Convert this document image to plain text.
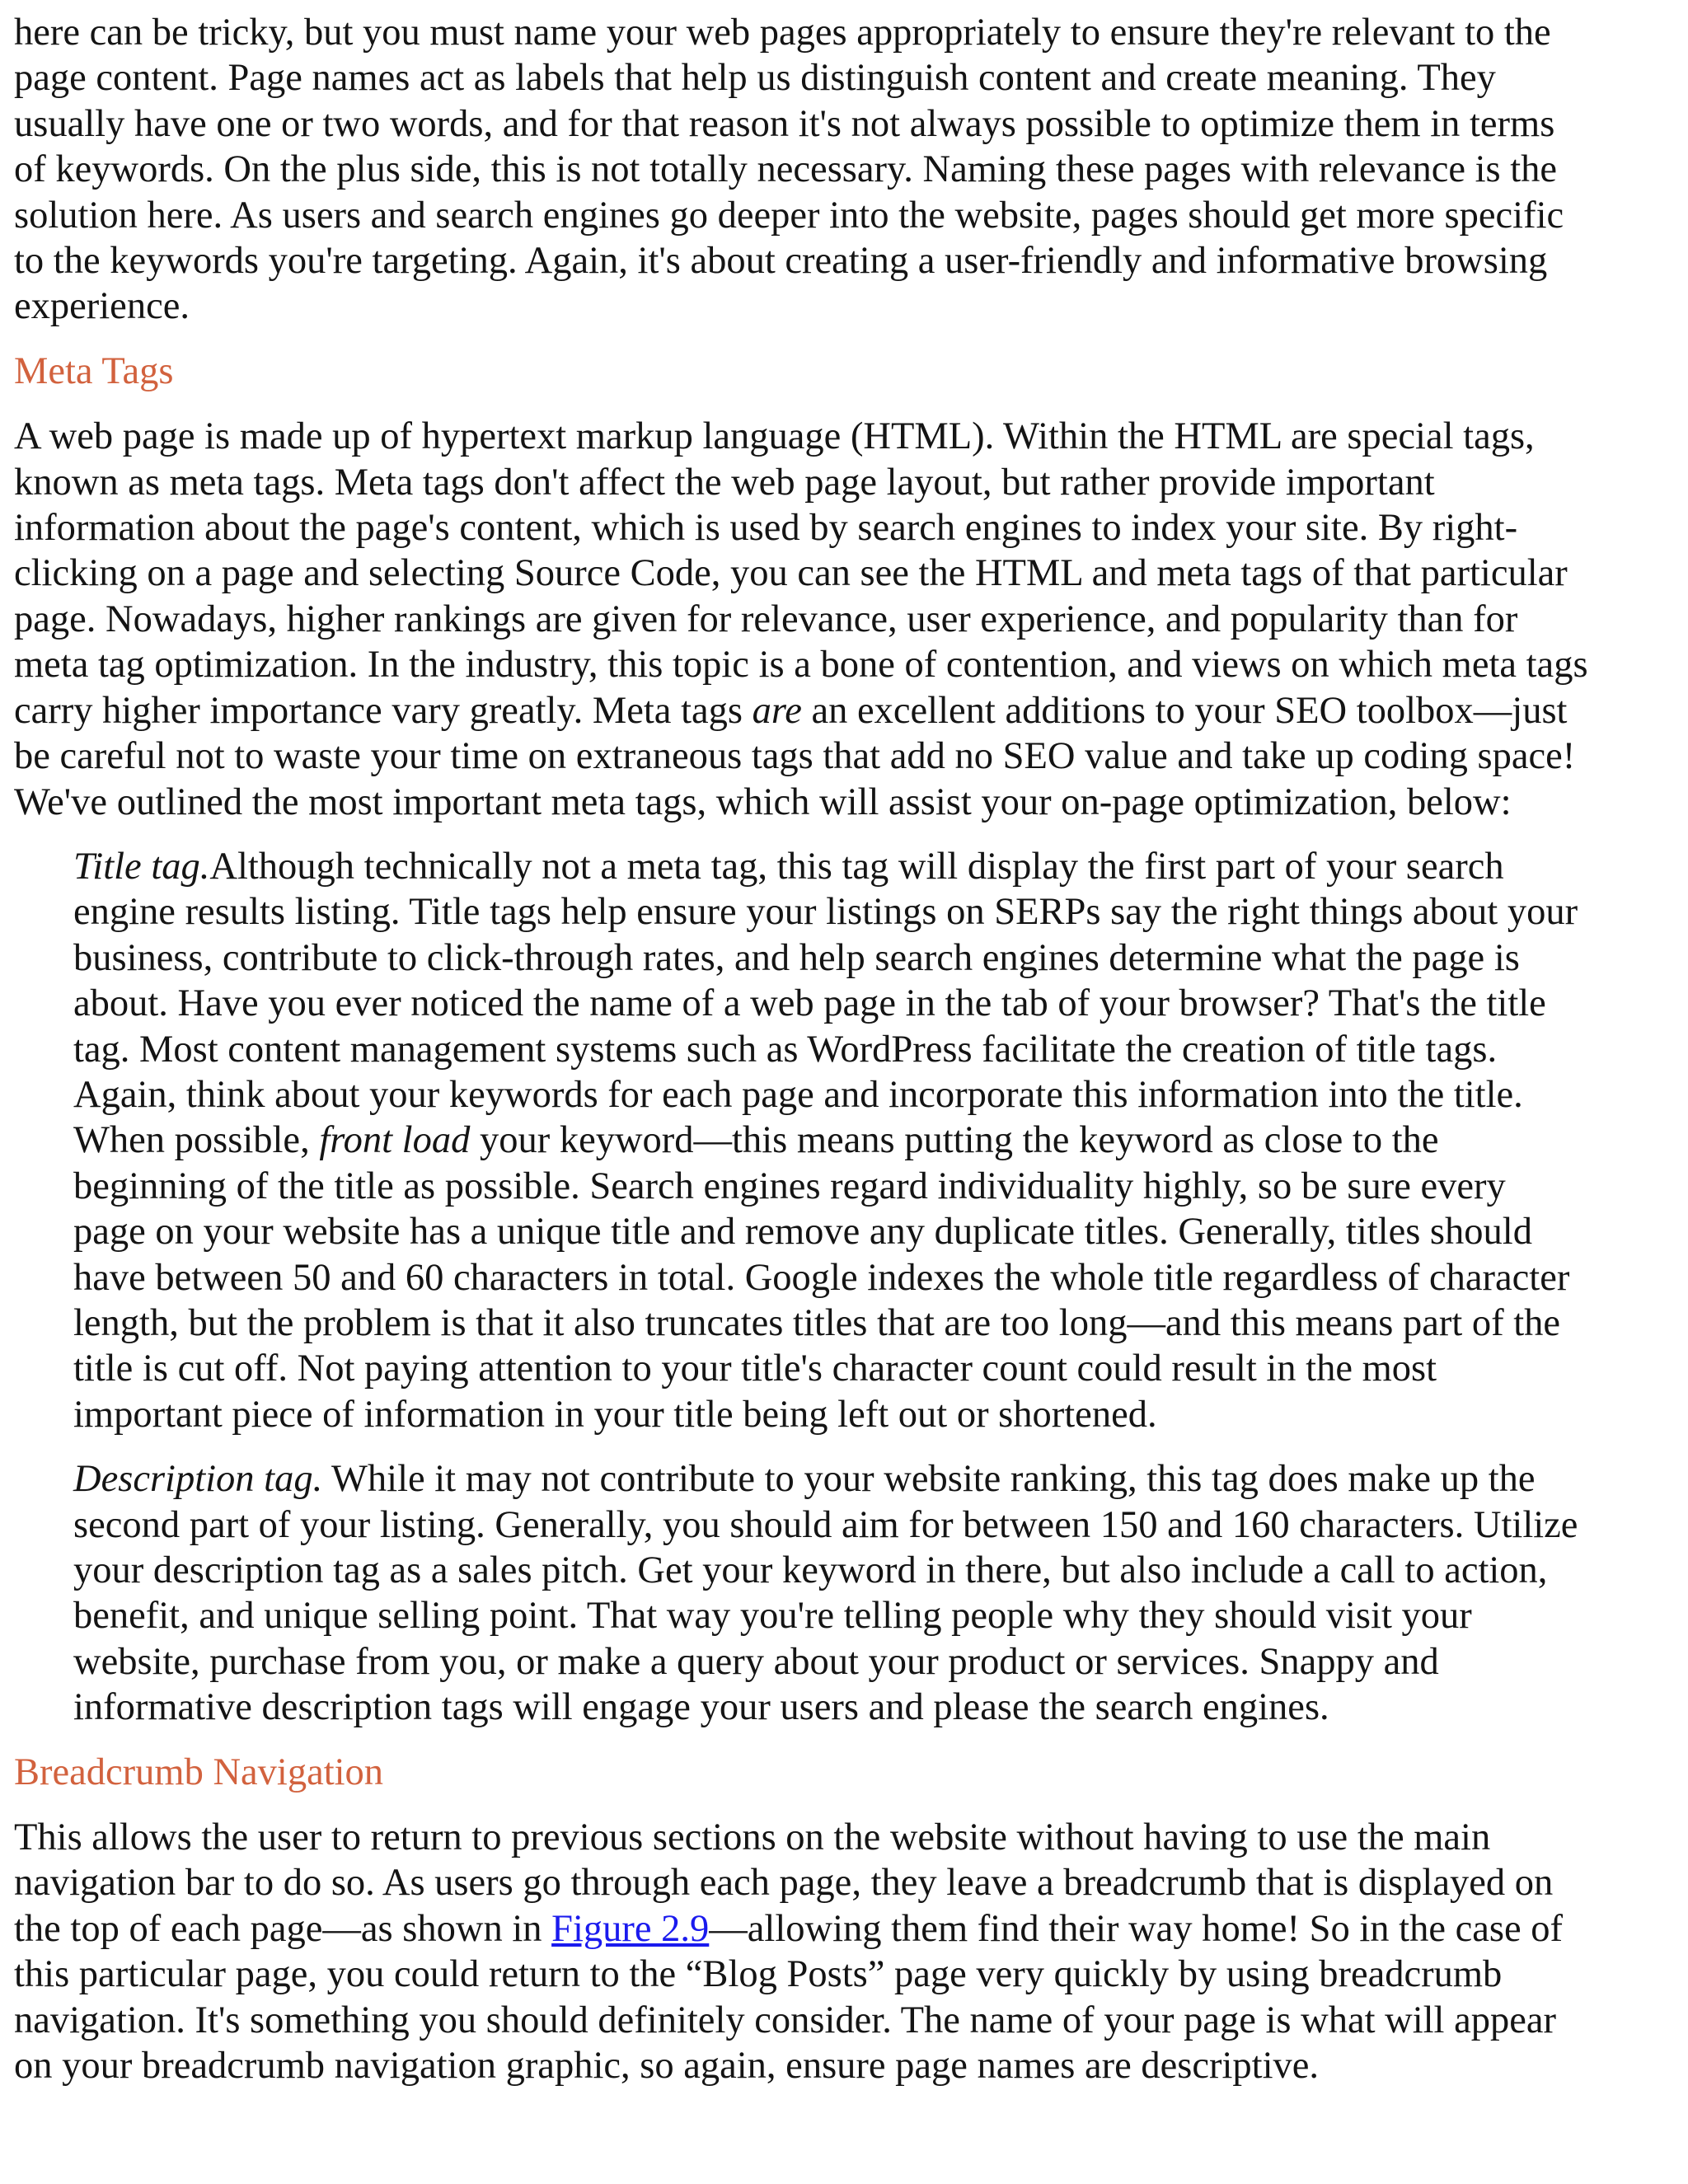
here can be tricky, but you must name your web pages appropriately to ensure they're relevant to the
page content. Page names act as labels that help us distinguish content and create meaning. They
usually have one or two words, and for that reason it's not always possible to optimize them in terms
of keywords. On the plus side, this is not totally necessary. Naming these pages with relevance is the
solution here. As users and search engines go deeper into the website, pages should get more specific
to the keywords you're targeting. Again, it's about creating a user-friendly and informative browsing
experience.

Meta Tags

A web page is made up of hypertext markup language (HTML). Within the HTML are special tags,
known as meta tags. Meta tags don't affect the web page layout, but rather provide important
information about the page's content, which is used by search engines to index your site. By right-
clicking on a page and selecting Source Code, you can see the HTML and meta tags of that particular
page. Nowadays, higher rankings are given for relevance, user experience, and popularity than for
meta tag optimization. In the industry, this topic is a bone of contention, and views on which meta tags
carry higher importance vary greatly. Meta tags are an excellent additions to your SEO toolbox—just
be careful not to waste your time on extraneous tags that add no SEO value and take up coding space!
We've outlined the most important meta tags, which will assist your on-page optimization, below:

Title tag.Although technically not a meta tag, this tag will display the first part of your search
engine results listing. Title tags help ensure your listings on SERPs say the right things about your
business, contribute to click-through rates, and help search engines determine what the page is
about. Have you ever noticed the name of a web page in the tab of your browser? That's the title
tag. Most content management systems such as WordPress facilitate the creation of title tags.
Again, think about your keywords for each page and incorporate this information into the title.
When possible, front load your keyword—this means putting the keyword as close to the
beginning of the title as possible. Search engines regard individuality highly, so be sure every
page on your website has a unique title and remove any duplicate titles. Generally, titles should
have between 50 and 60 characters in total. Google indexes the whole title regardless of character
length, but the problem is that it also truncates titles that are too long—and this means part of the
title is cut off. Not paying attention to your title's character count could result in the most
important piece of information in your title being left out or shortened.

Description tag. While it may not contribute to your website ranking, this tag does make up the
second part of your listing. Generally, you should aim for between 150 and 160 characters. Utilize
your description tag as a sales pitch. Get your keyword in there, but also include a call to action,
benefit, and unique selling point. That way you're telling people why they should visit your
website, purchase from you, or make a query about your product or services. Snappy and
informative description tags will engage your users and please the search engines.

Breadcrumb Navigation

This allows the user to return to previous sections on the website without having to use the main
navigation bar to do so. As users go through each page, they leave a breadcrumb that is displayed on
the top of each page—as shown in Figure 2.9—allowing them find their way home! So in the case of
this particular page, you could return to the “Blog Posts” page very quickly by using breadcrumb
navigation. It's something you should definitely consider. The name of your page is what will appear
on your breadcrumb navigation graphic, so again, ensure page names are descriptive.
